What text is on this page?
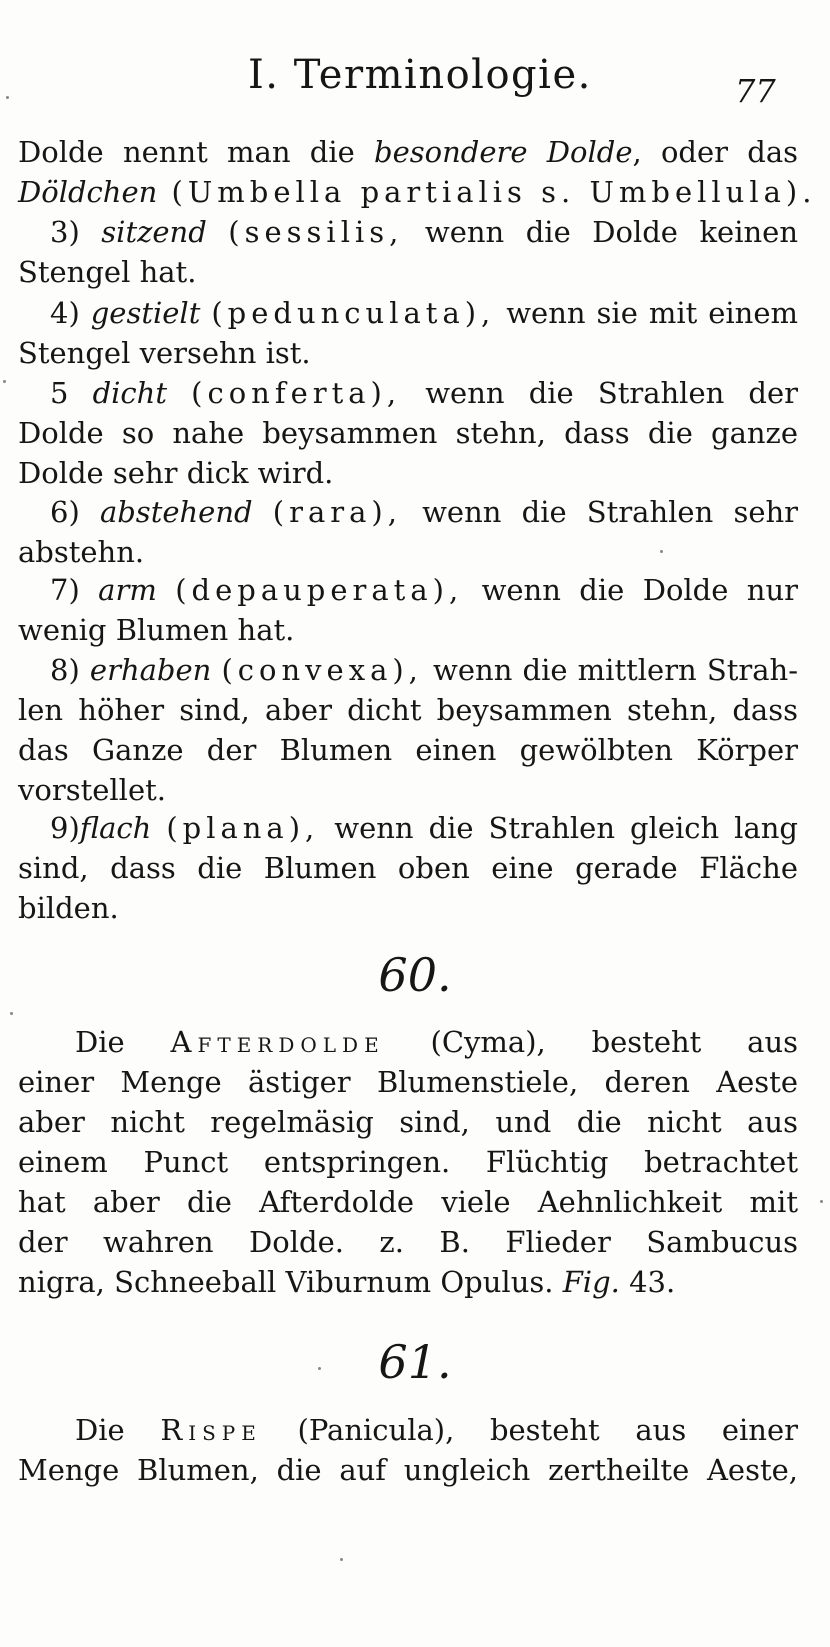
I. Terminologie.	77
Dolde nennt man die besondere Dolde, oder das
Döldchen (Umbella partialis s. Umbellula).
3) sitzend (sessilis, wenn die Dolde keinen
Stengel hat.
4) gestielt (pedunculata), wenn sie mit einem
Stengel versehn ist.
5 dicht (conferta), wenn die Strahlen der
Dolde so nahe beysammen stehn, dass die ganze
Dolde sehr dick wird.
6) abstehend (rara), wenn die Strahlen sehr
abstehn.
7) arm (depauperata), wenn die Dolde nur
wenig Blumen hat.
8) erhaben (convexa), wenn die mittlern Strah-
len höher sind, aber dicht beysammen stehn, dass
das Ganze der Blumen einen gewölbten Körper
vorstellet.
9)flach (plana), wenn die Strahlen gleich lang
sind, dass die Blumen oben eine gerade Fläche
bilden.
60.
Die Afterdolde (Cyma), besteht aus
einer Menge ästiger Blumenstiele, deren Aeste
aber nicht regelmäsig sind, und die nicht aus
einem Punct entspringen. Flüchtig betrachtet
hat aber die Afterdolde viele Aehnlichkeit mit
der wahren Dolde. z. B. Flieder Sambucus
nigra, Schneeball Viburnum Opulus. Fig. 43.
61.
Die Rispe (Panicula), besteht aus einer
Menge Blumen, die auf ungleich zertheilte Aeste,
